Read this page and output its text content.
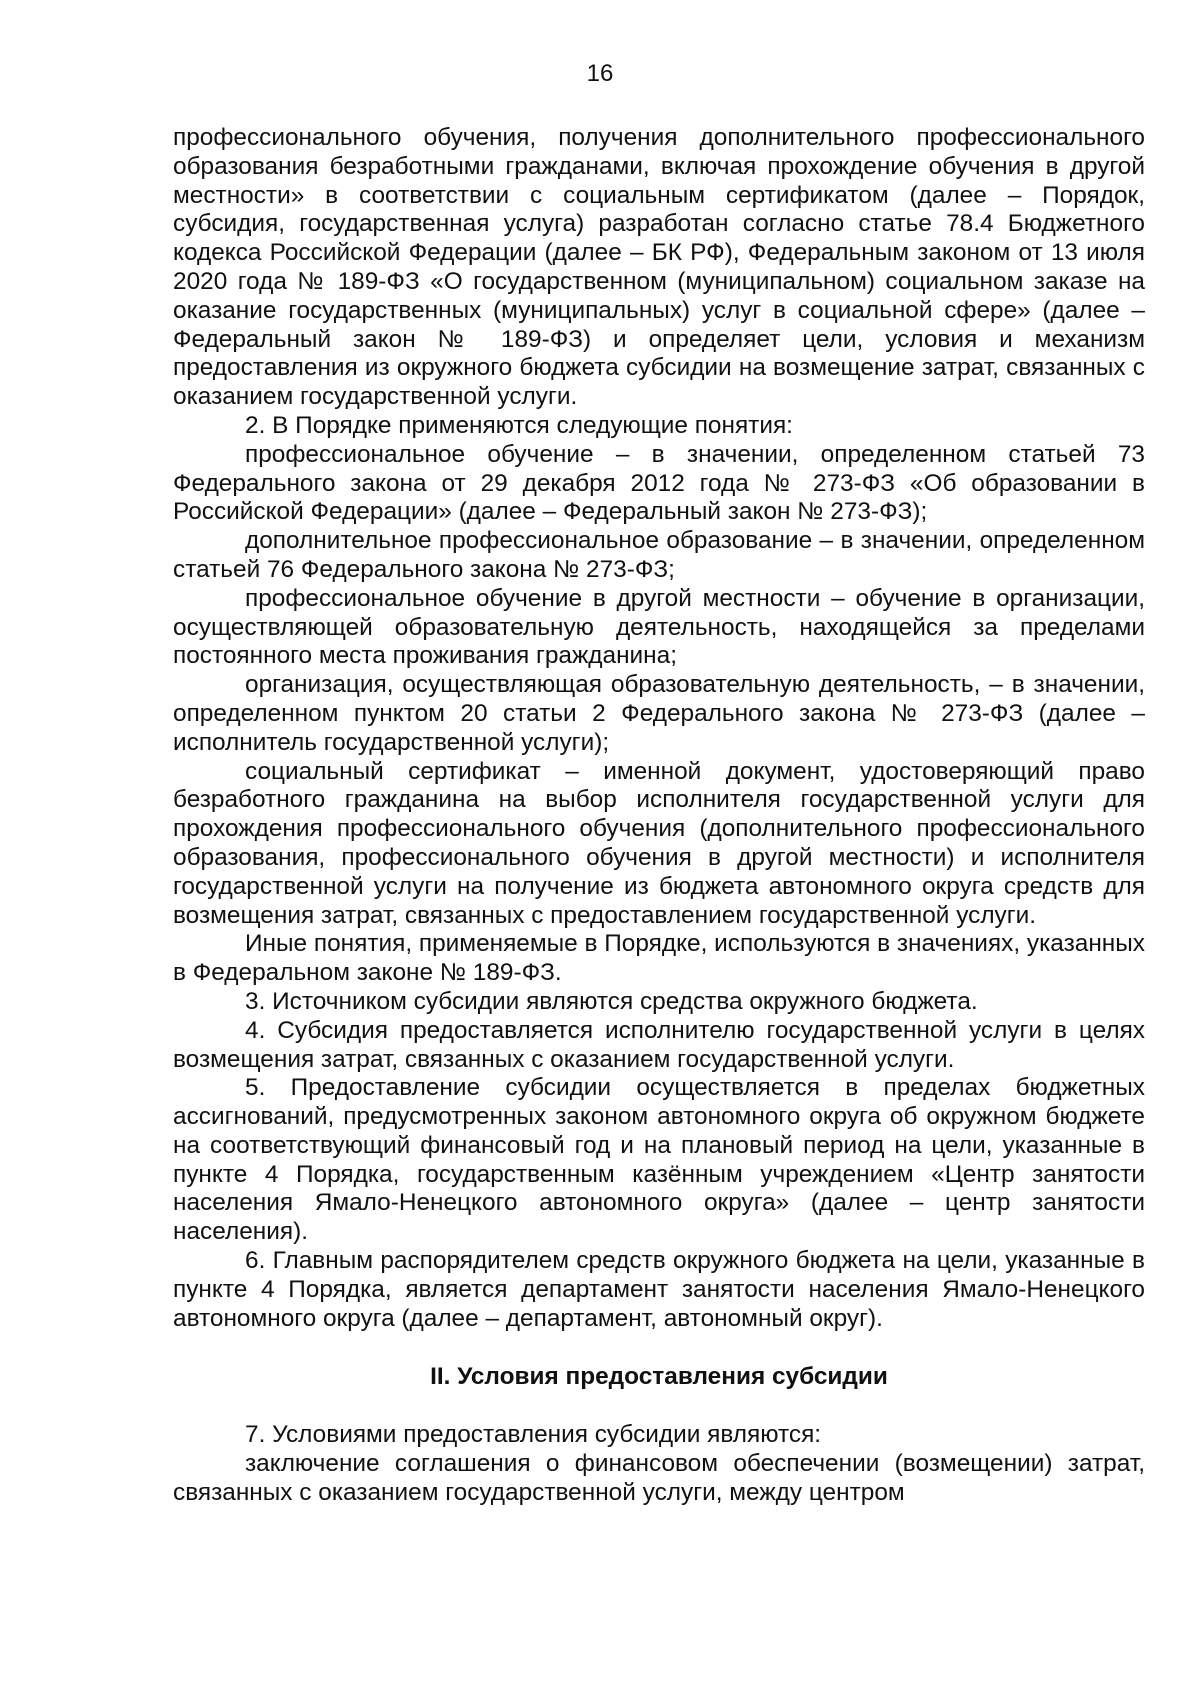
16

профессионального обучения, получения дополнительного профессионального образования безработными гражданами, включая прохождение обучения в другой местности» в соответствии с социальным сертификатом (далее – Порядок, субсидия, государственная услуга) разработан согласно статье 78.4 Бюджетного кодекса Российской Федерации (далее – БК РФ), Федеральным законом от 13 июля 2020 года № 189-ФЗ «О государственном (муниципальном) социальном заказе на оказание государственных (муниципальных) услуг в социальной сфере» (далее – Федеральный закон № 189-ФЗ) и определяет цели, условия и механизм предоставления из окружного бюджета субсидии на возмещение затрат, связанных с оказанием государственной услуги.

2. В Порядке применяются следующие понятия:

профессиональное обучение – в значении, определенном статьей 73 Федерального закона от 29 декабря 2012 года № 273-ФЗ «Об образовании в Российской Федерации» (далее – Федеральный закон № 273-ФЗ);

дополнительное профессиональное образование – в значении, определенном статьей 76 Федерального закона № 273-ФЗ;

профессиональное обучение в другой местности – обучение в организации, осуществляющей образовательную деятельность, находящейся за пределами постоянного места проживания гражданина;

организация, осуществляющая образовательную деятельность, – в значении, определенном пунктом 20 статьи 2 Федерального закона № 273-ФЗ (далее – исполнитель государственной услуги);

социальный сертификат – именной документ, удостоверяющий право безработного гражданина на выбор исполнителя государственной услуги для прохождения профессионального обучения (дополнительного профессионального образования, профессионального обучения в другой местности) и исполнителя государственной услуги на получение из бюджета автономного округа средств для возмещения затрат, связанных с предоставлением государственной услуги.

Иные понятия, применяемые в Порядке, используются в значениях, указанных в Федеральном законе № 189-ФЗ.

3. Источником субсидии являются средства окружного бюджета.

4. Субсидия предоставляется исполнителю государственной услуги в целях возмещения затрат, связанных с оказанием государственной услуги.

5. Предоставление субсидии осуществляется в пределах бюджетных ассигнований, предусмотренных законом автономного округа об окружном бюджете на соответствующий финансовый год и на плановый период на цели, указанные в пункте 4 Порядка, государственным казённым учреждением «Центр занятости населения Ямало-Ненецкого автономного округа» (далее – центр занятости населения).

6. Главным распорядителем средств окружного бюджета на цели, указанные в пункте 4 Порядка, является департамент занятости населения Ямало-Ненецкого автономного округа (далее – департамент, автономный округ).

II. Условия предоставления субсидии

7. Условиями предоставления субсидии являются:

заключение соглашения о финансовом обеспечении (возмещении) затрат, связанных с оказанием государственной услуги, между центром
